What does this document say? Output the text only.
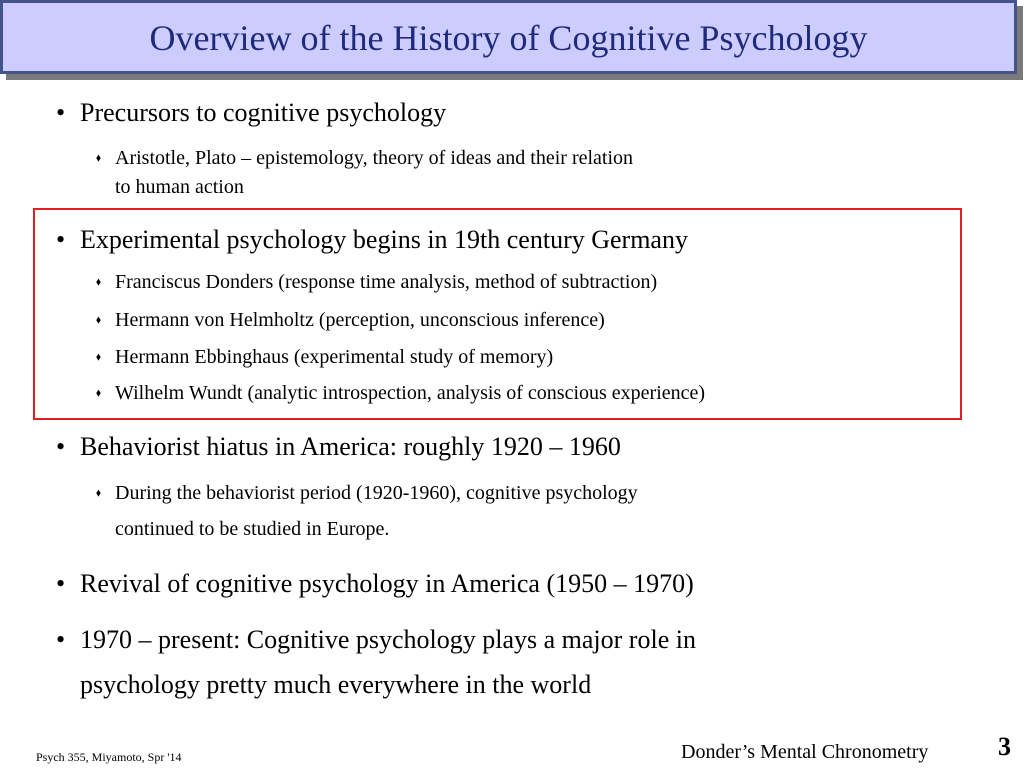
Overview of the History of Cognitive Psychology
• Precursors to cognitive psychology
⬧ Aristotle, Plato – epistemology, theory of ideas and their relation
to human action
• Experimental psychology begins in 19th century Germany
⬧ Franciscus Donders (response time analysis, method of subtraction)
⬧ Hermann von Helmholtz (perception, unconscious inference)
⬧ Hermann Ebbinghaus (experimental study of memory)
⬧ Wilhelm Wundt (analytic introspection, analysis of conscious experience)
• Behaviorist hiatus in America: roughly 1920 – 1960
⬧ During the behaviorist period (1920-1960), cognitive psychology
continued to be studied in Europe.
• Revival of cognitive psychology in America (1950 – 1970)
• 1970 – present: Cognitive psychology plays a major role in
psychology pretty much everywhere in the world
Psych 355, Miyamoto, Spr '14	Donder’s Mental Chronometry	3
